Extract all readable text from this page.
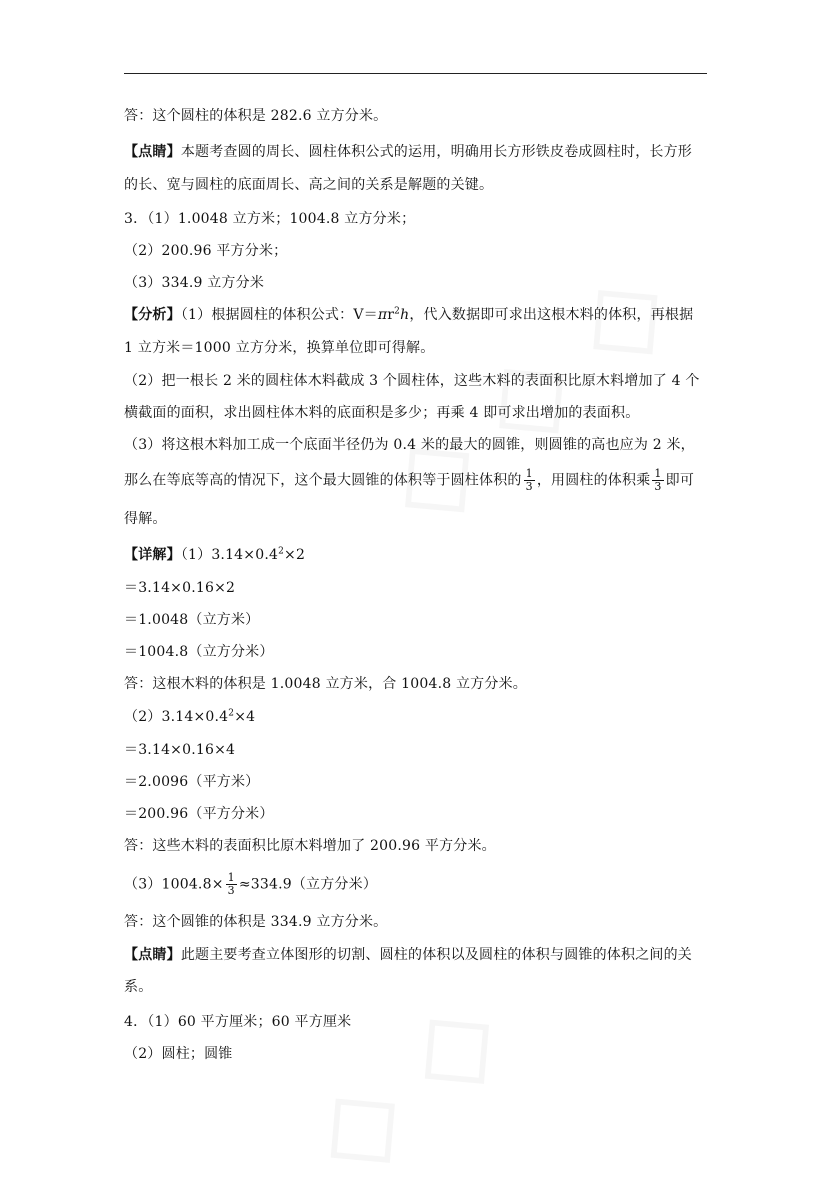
答：这个圆柱的体积是 282.6 立方分米。
【点睛】本题考查圆的周长、圆柱体积公式的运用，明确用长方形铁皮卷成圆柱时，长方形
的长、宽与圆柱的底面周长、高之间的关系是解题的关键。
3．（1）1.0048 立方米；1004.8 立方分米；
（2）200.96 平方分米；
（3）334.9 立方分米
【分析】（1）根据圆柱的体积公式：$V=\pi r^2h$，代入数据即可求出这根木料的体积，再根据
1 立方米＝1000 立方分米，换算单位即可得解。
（2）把一根长 2 米的圆柱体木料截成 3 个圆柱体，这些木料的表面积比原木料增加了 4 个
横截面的面积，求出圆柱体木料的底面积是多少；再乘 4 即可求出增加的表面积。
（3）将这根木料加工成一个底面半径仍为 0.4 米的最大的圆锥，则圆锥的高也应为 2 米，
那么在等底等高的情况下，这个最大圆锥的体积等于圆柱体积的 $\frac{1}{3}$ ，用圆柱的体积乘 $\frac{1}{3}$ 即可
得解。
【详解】$(1)3.14\times 0.4^2\times 2$
＝3.14×0.16×2
＝1.0048（立方米）
＝1004.8（立方分米）
答：这根木料的体积是 1.0048 立方米，合 1004.8 立方分米。
$(2)3.14\times 0.4^2\times 4$
＝3.14×0.16×4
＝2.0096（平方米）
＝200.96（平方分米）
答：这些木料的表面积比原木料增加了 200.96 平方分米。
$(3)1004.8\times \frac{1}{3} \approx 334.9$（立方分米）
答：这个圆锥的体积是 334.9 立方分米。
【点睛】此题主要考查立体图形的切割、圆柱的体积以及圆柱的体积与圆锥的体积之间的关
系。
4．（1）60 平方厘米；60 平方厘米
（2）圆柱；圆锥
